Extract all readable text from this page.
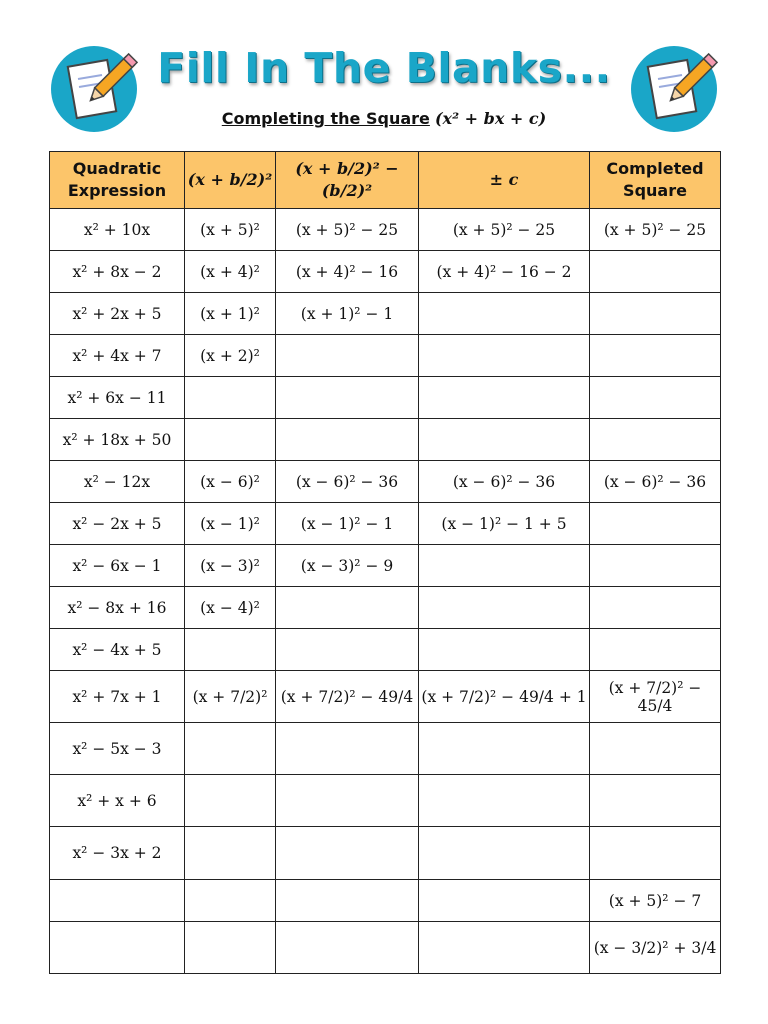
Fill In The Blanks...
Completing the Square (x² + bx + c)
Quadratic Expression	(x + b/2)²	(x + b/2)² − (b/2)²	± c	Completed Square
x² + 10x	(x + 5)²	(x + 5)² − 25	(x + 5)² − 25	(x + 5)² − 25
x² + 8x − 2	(x + 4)²	(x + 4)² − 16	(x + 4)² − 16 − 2	
x² + 2x + 5	(x + 1)²	(x + 1)² − 1		
x² + 4x + 7	(x + 2)²			
x² + 6x − 11				
x² + 18x + 50				
x² − 12x	(x − 6)²	(x − 6)² − 36	(x − 6)² − 36	(x − 6)² − 36
x² − 2x + 5	(x − 1)²	(x − 1)² − 1	(x − 1)² − 1 + 5	
x² − 6x − 1	(x − 3)²	(x − 3)² − 9		
x² − 8x + 16	(x − 4)²			
x² − 4x + 5				
x² + 7x + 1	(x + 7/2)²	(x + 7/2)² − 49/4	(x + 7/2)² − 49/4 + 1	(x + 7/2)² − 45/4
x² − 5x − 3				
x² + x + 6				
x² − 3x + 2				
				(x + 5)² − 7
				(x − 3/2)² + 3/4
